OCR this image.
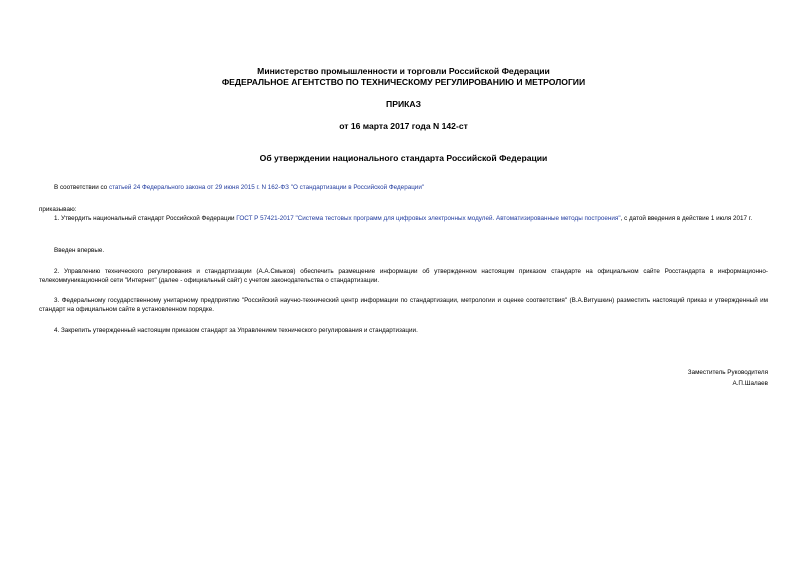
Министерство промышленности и торговли Российской Федерации
ФЕДЕРАЛЬНОЕ АГЕНТСТВО ПО ТЕХНИЧЕСКОМУ РЕГУЛИРОВАНИЮ И МЕТРОЛОГИИ
ПРИКАЗ
от 16 марта 2017 года N 142-ст
Об утверждении национального стандарта Российской Федерации
В соответствии со статьей 24 Федерального закона от 29 июня 2015 г. N 162-ФЗ "О стандартизации в Российской Федерации"
приказываю:
1. Утвердить национальный стандарт Российской Федерации ГОСТ Р 57421-2017 "Система тестовых программ для цифровых электронных модулей. Автоматизированные методы построения", с датой введения в действие 1 июля 2017 г.
Введен впервые.
2. Управлению технического регулирования и стандартизации (А.А.Смыков) обеспечить размещение информации об утвержденном настоящим приказом стандарте на официальном сайте Росстандарта в информационно-телекоммуникационной сети "Интернет" (далее - официальный сайт) с учетом законодательства о стандартизации.
3. Федеральному государственному унитарному предприятию "Российский научно-технический центр информации по стандартизации, метрологии и оценке соответствия" (В.А.Витушкин) разместить настоящий приказ и утвержденный им стандарт на официальном сайте в установленном порядке.
4. Закрепить утвержденный настоящим приказом стандарт за Управлением технического регулирования и стандартизации.
Заместитель Руководителя
А.П.Шалаев
